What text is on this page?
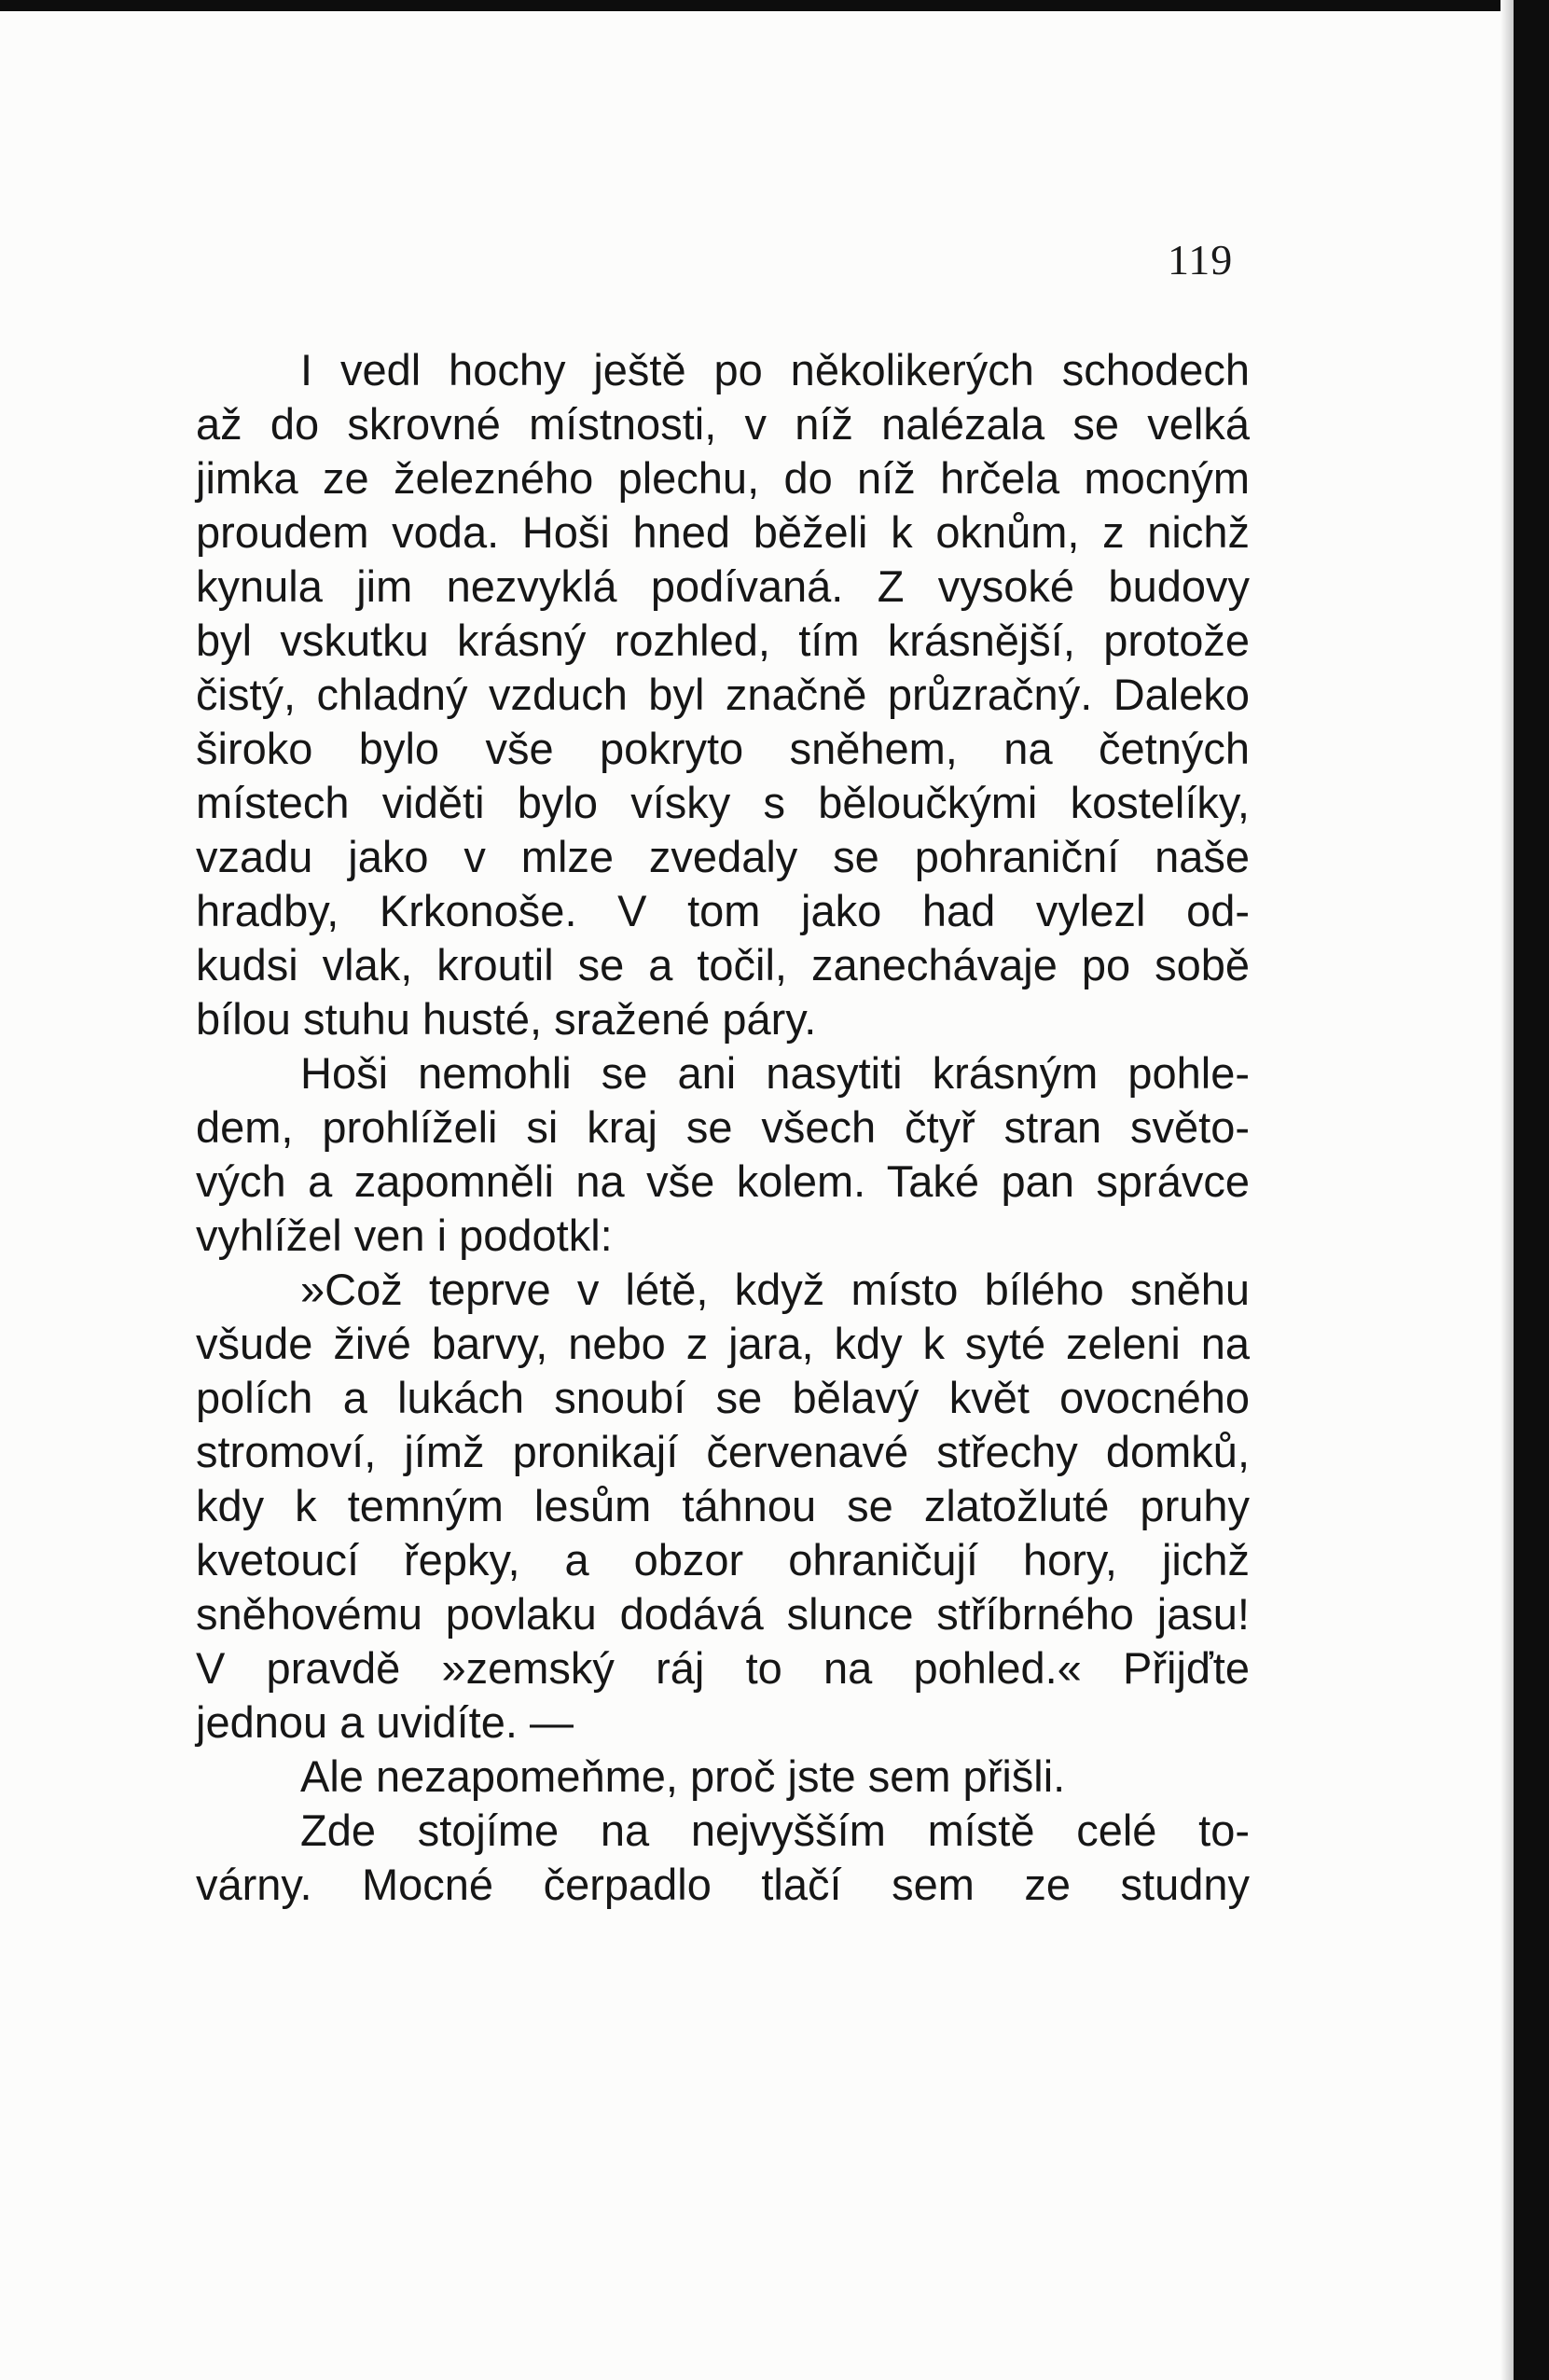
119
I vedl hochy ještě po několikerých schodech
až do skrovné místnosti, v níž nalézala se velká
jimka ze železného plechu, do níž hrčela mocným
proudem voda. Hoši hned běželi k oknům, z nichž
kynula jim nezvyklá podívaná. Z vysoké budovy
byl vskutku krásný rozhled, tím krásnější, protože
čistý, chladný vzduch byl značně průzračný. Daleko
široko bylo vše pokryto sněhem, na četných
místech viděti bylo vísky s běloučkými kostelíky,
vzadu jako v mlze zvedaly se pohraniční naše
hradby, Krkonoše. V tom jako had vylezl od-
kudsi vlak, kroutil se a točil, zanechávaje po sobě
bílou stuhu husté, sražené páry.
Hoši nemohli se ani nasytiti krásným pohle-
dem, prohlíželi si kraj se všech čtyř stran světo-
vých a zapomněli na vše kolem. Také pan správce
vyhlížel ven i podotkl:
»Což teprve v létě, když místo bílého sněhu
všude živé barvy, nebo z jara, kdy k syté zeleni na
polích a lukách snoubí se bělavý květ ovocného
stromoví, jímž pronikají červenavé střechy domků,
kdy k temným lesům táhnou se zlatožluté pruhy
kvetoucí řepky, a obzor ohraničují hory, jichž
sněhovému povlaku dodává slunce stříbrného jasu!
V pravdě »zemský ráj to na pohled.« Přijďte
jednou a uvidíte. —
Ale nezapomeňme, proč jste sem přišli.
Zde stojíme na nejvyšším místě celé to-
várny. Mocné čerpadlo tlačí sem ze studny
